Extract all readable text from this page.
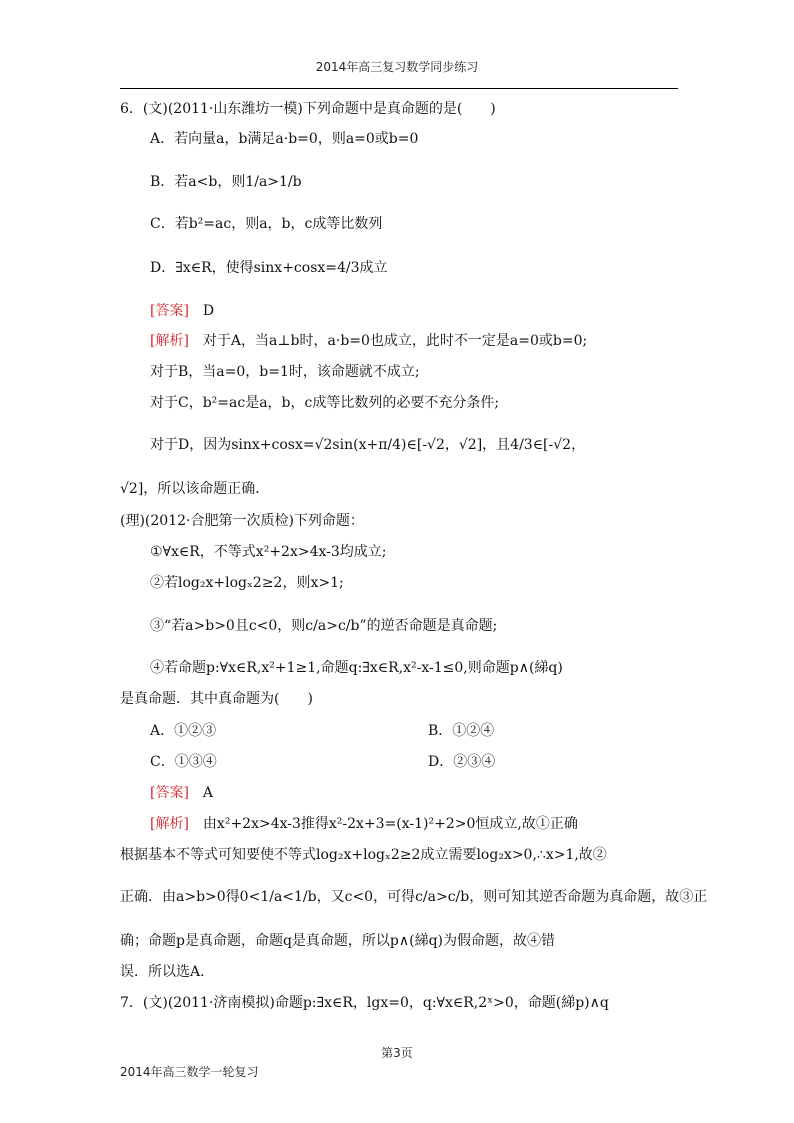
2014年高三复习数学同步练习
6．(文)(2011·山东潍坊一模)下列命题中是真命题的是(　　)
A．若向量a，b满足a·b=0，则a=0或b=0
B．若a<b，则1/a>1/b
C．若b²=ac，则a，b，c成等比数列
D．∃x∈R，使得sinx+cosx=4/3成立
[答案]　D
[解析]　对于A，当a⊥b时，a·b=0也成立，此时不一定是a=0或b=0;
对于B，当a=0，b=1时，该命题就不成立;
对于C，b²=ac是a，b，c成等比数列的必要不充分条件;
对于D，因为sinx+cosx=√2sin(x+π/4)∈[-√2，√2]，且4/3∈[-√2，
√2]，所以该命题正确．
(理)(2012·合肥第一次质检)下列命题：
①∀x∈R，不等式x²+2x>4x-3均成立;
②若log₂x+logₓ2≥2，则x>1;
③“若a>b>0且c<0，则c/a>c/b”的逆否命题是真命题;
④若命题p:∀x∈R,x²+1≥1,命题q:∃x∈R,x²-x-1≤0,则命题p∧(綈q)
是真命题．其中真命题为(　　)
A．①②③	B．①②④
C．①③④	D．②③④
[答案]　A
[解析]　由x²+2x>4x-3推得x²-2x+3=(x-1)²+2>0恒成立,故①正确
根据基本不等式可知要使不等式log₂x+logₓ2≥2成立需要log₂x>0,∴x>1,故②
正确．由a>b>0得0<1/a<1/b，又c<0，可得c/a>c/b，则可知其逆否命题为真命题，故③正
确；命题p是真命题，命题q是真命题，所以p∧(綈q)为假命题，故④错
误．所以选A．
7．(文)(2011·济南模拟)命题p:∃x∈R，lgx=0，q:∀x∈R,2ˣ>0，命题(綈p)∧q
第3页
2014年高三数学一轮复习
